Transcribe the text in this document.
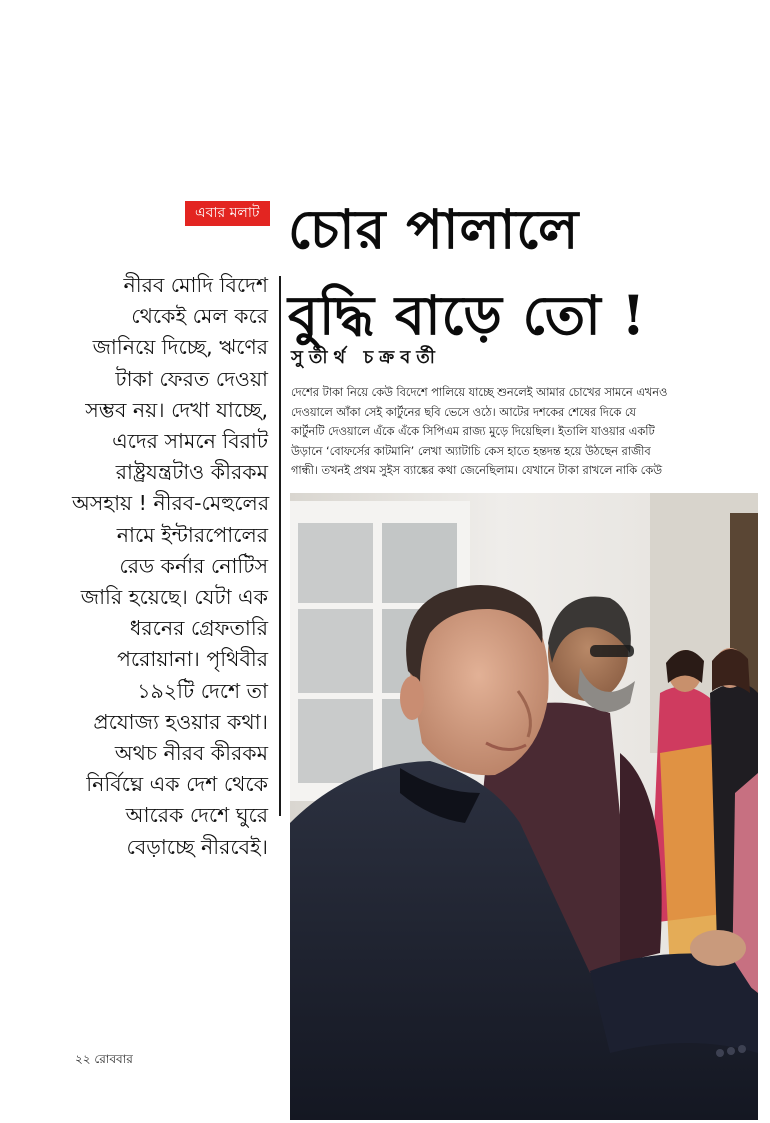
এবার মলাট চোর পালালে
বুদ্ধি বাড়ে তো !
সুতীর্থ চক্রবর্তী
নীরব মোদি বিদেশ
থেকেই মেল করে
জানিয়ে দিচ্ছে, ঋণের
টাকা ফেরত দেওয়া
সম্ভব নয়। দেখা যাচ্ছে,
এদের সামনে বিরাট
রাষ্ট্রযন্ত্রটাও কীরকম
অসহায় ! নীরব-মেহুলের
নামে ইন্টারপোলের
রেড কর্নার নোটিস
জারি হয়েছে। যেটা এক
ধরনের গ্রেফতারি
পরোয়ানা। পৃথিবীর
১৯২টি দেশে তা
প্রযোজ্য হওয়ার কথা।
অথচ নীরব কীরকম
নির্বিঘ্নে এক দেশ থেকে
আরেক দেশে ঘুরে
বেড়াচ্ছে নীরবেই।
দেশের টাকা নিয়ে কেউ বিদেশে পালিয়ে যাচ্ছে শুনলেই আমার চোখের সামনে এখনও
দেওয়ালে আঁকা সেই কার্টুনের ছবি ভেসে ওঠে। আটের দশকের শেষের দিকে যে
কার্টুনটি দেওয়ালে এঁকে এঁকে সিপিএম রাজ্য মুড়ে দিয়েছিল। ইতালি যাওয়ার একটি
উড়ানে ‘বোফর্সের কাটমানি’ লেখা অ্যাটাচি কেস হাতে হন্তদন্ত হয়ে উঠছেন রাজীব
গান্ধী। তখনই প্রথম সুইস ব্যাঙ্কের কথা জেনেছিলাম। যেখানে টাকা রাখলে নাকি কেউ
২২ রোববার
